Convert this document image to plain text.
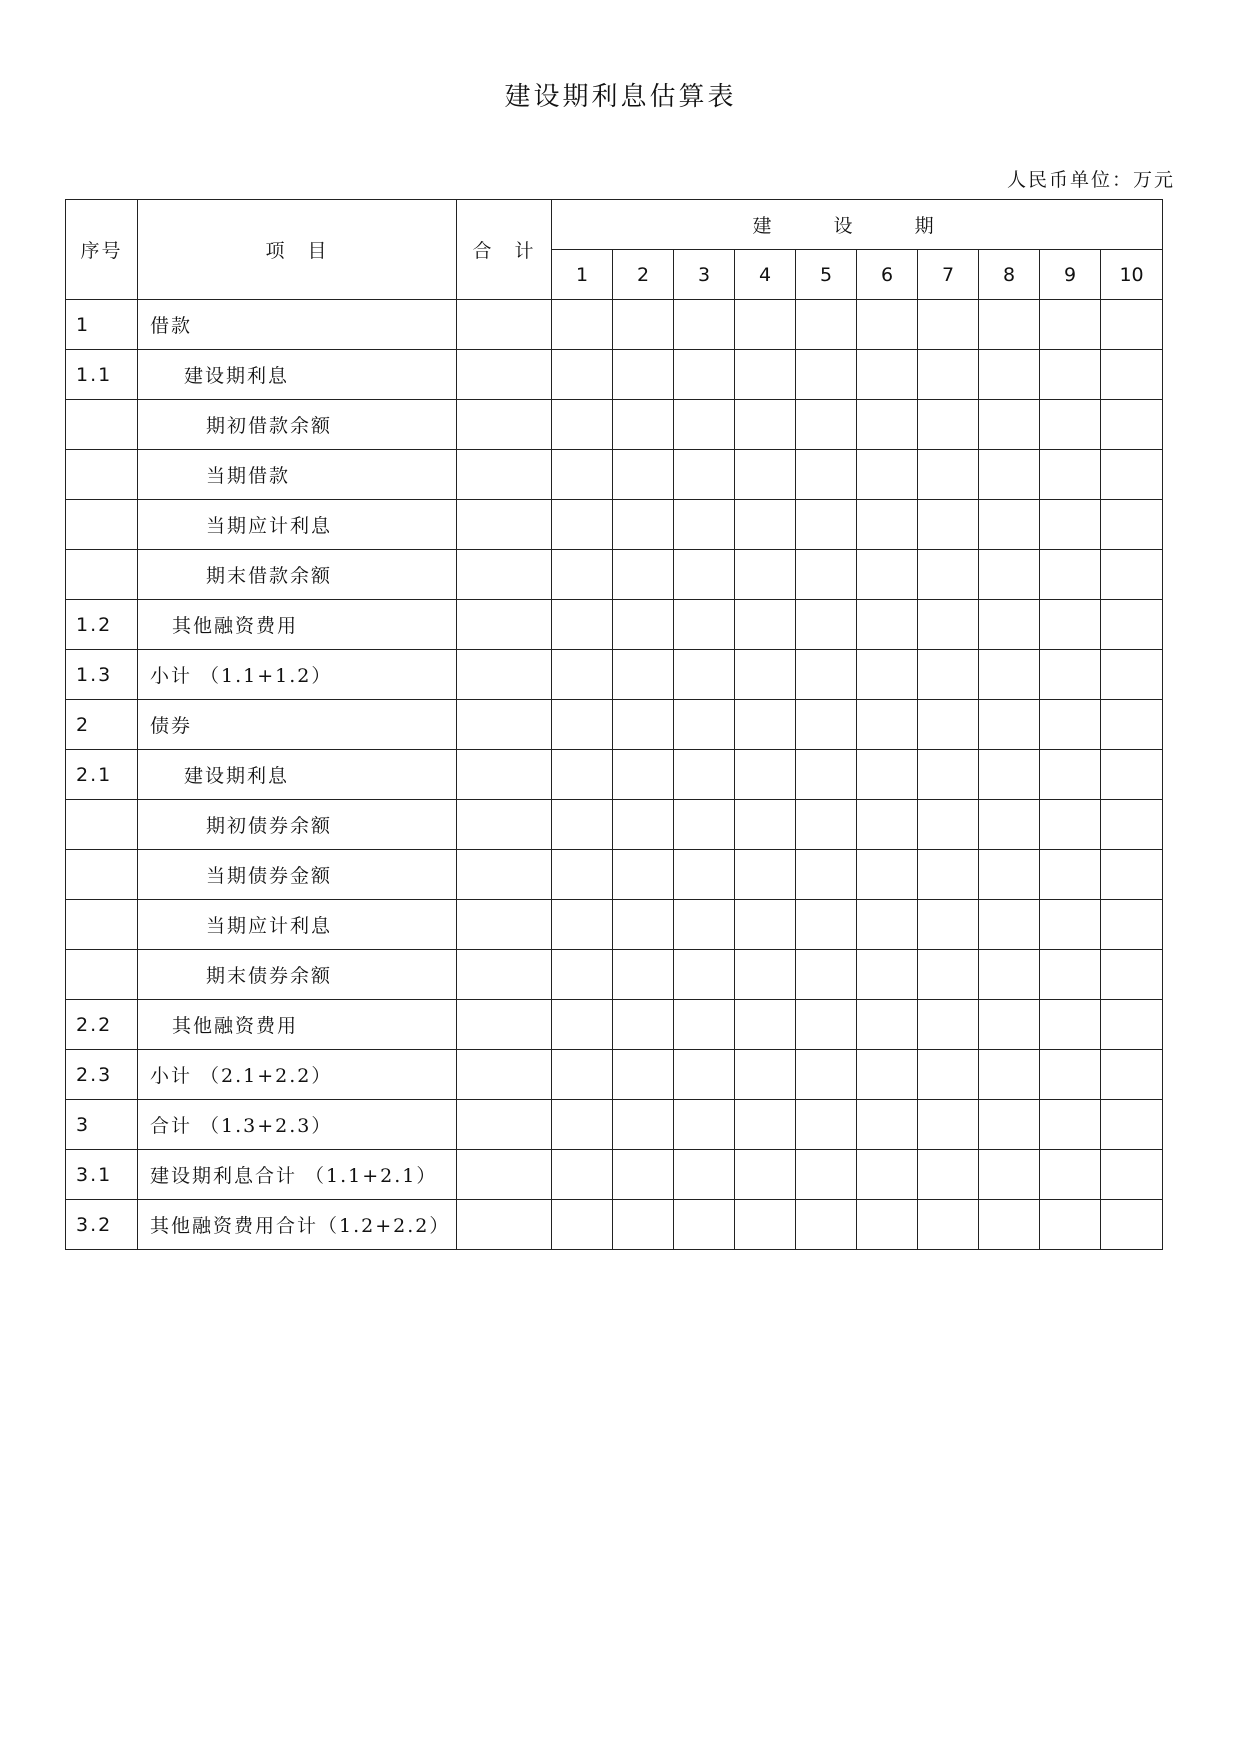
建设期利息估算表
人民币单位：万元
序号	项　目	合　计	建 设 期									
			1	2	3	4	5	6	7	8	9	10
1	借款											
1.1	建设期利息											
	期初借款余额											
	当期借款											
	当期应计利息											
	期末借款余额											
1.2	其他融资费用											
1.3	小计 （1.1+1.2）											
2	债券											
2.1	建设期利息											
	期初债券余额											
	当期债券金额											
	当期应计利息											
	期末债券余额											
2.2	其他融资费用											
2.3	小计 （2.1+2.2）											
3	合计 （1.3+2.3）											
3.1	建设期利息合计 （1.1+2.1）											
3.2	其他融资费用合计（1.2+2.2）											
